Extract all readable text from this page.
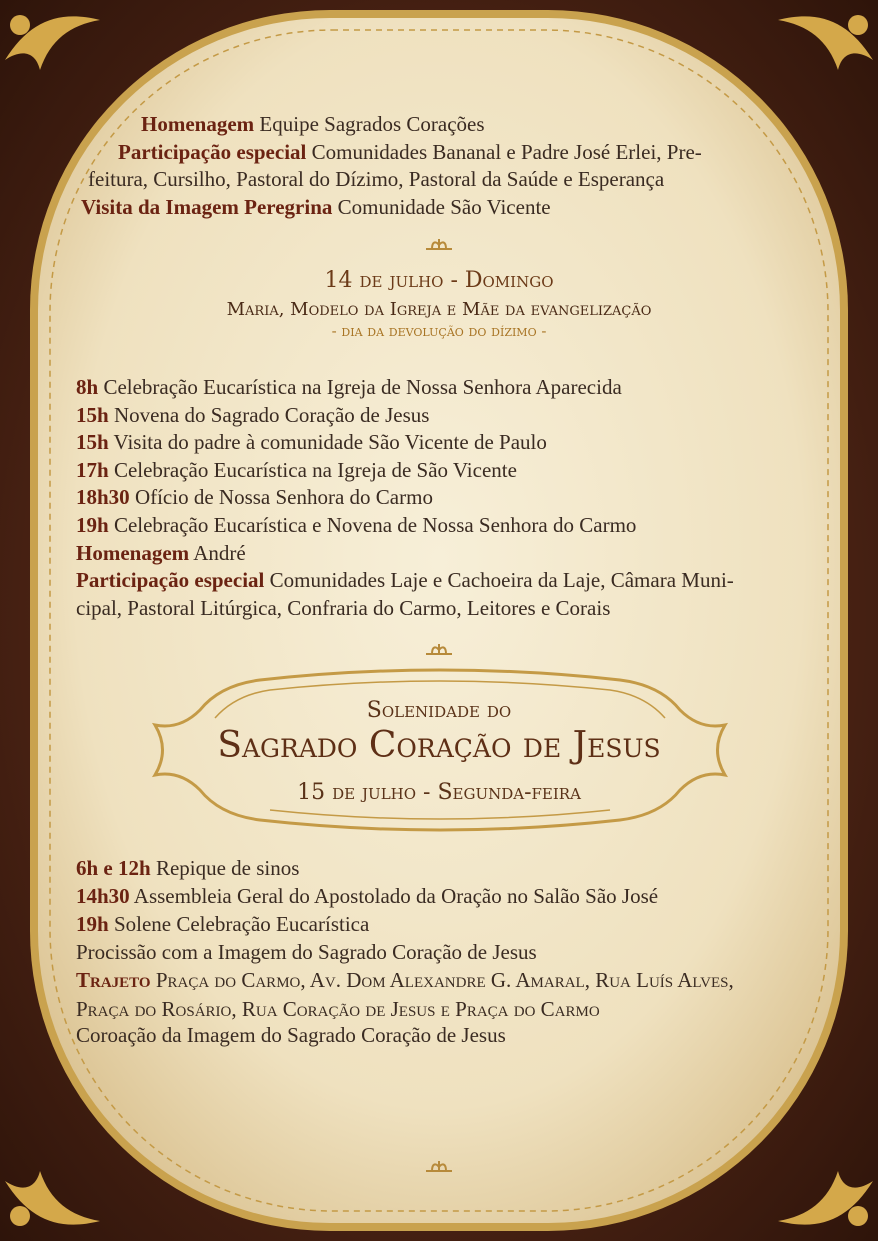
Homenagem Equipe Sagrados Corações
Participação especial Comunidades Bananal e Padre José Erlei, Pre-
feitura, Cursilho, Pastoral do Dízimo, Pastoral da Saúde e Esperança
Visita da Imagem Peregrina Comunidade São Vicente
14 de julho - Domingo
Maria, Modelo da Igreja e Mãe da evangelização
- dia da devolução do dízimo -
8h Celebração Eucarística na Igreja de Nossa Senhora Aparecida
15h Novena do Sagrado Coração de Jesus
15h Visita do padre à comunidade São Vicente de Paulo
17h Celebração Eucarística na Igreja de São Vicente
18h30 Ofício de Nossa Senhora do Carmo
19h Celebração Eucarística e Novena de Nossa Senhora do Carmo
Homenagem André
Participação especial Comunidades Laje e Cachoeira da Laje, Câmara Muni-
cipal, Pastoral Litúrgica, Confraria do Carmo, Leitores e Corais
Solenidade do
Sagrado Coração de Jesus
15 de julho - Segunda-feira
6h e 12h Repique de sinos
14h30 Assembleia Geral do Apostolado da Oração no Salão São José
19h Solene Celebração Eucarística
Procissão com a Imagem do Sagrado Coração de Jesus
Trajeto Praça do Carmo, Av. Dom Alexandre G. Amaral, Rua Luís Alves,
Praça do Rosário, Rua Coração de Jesus e Praça do Carmo
Coroação da Imagem do Sagrado Coração de Jesus
